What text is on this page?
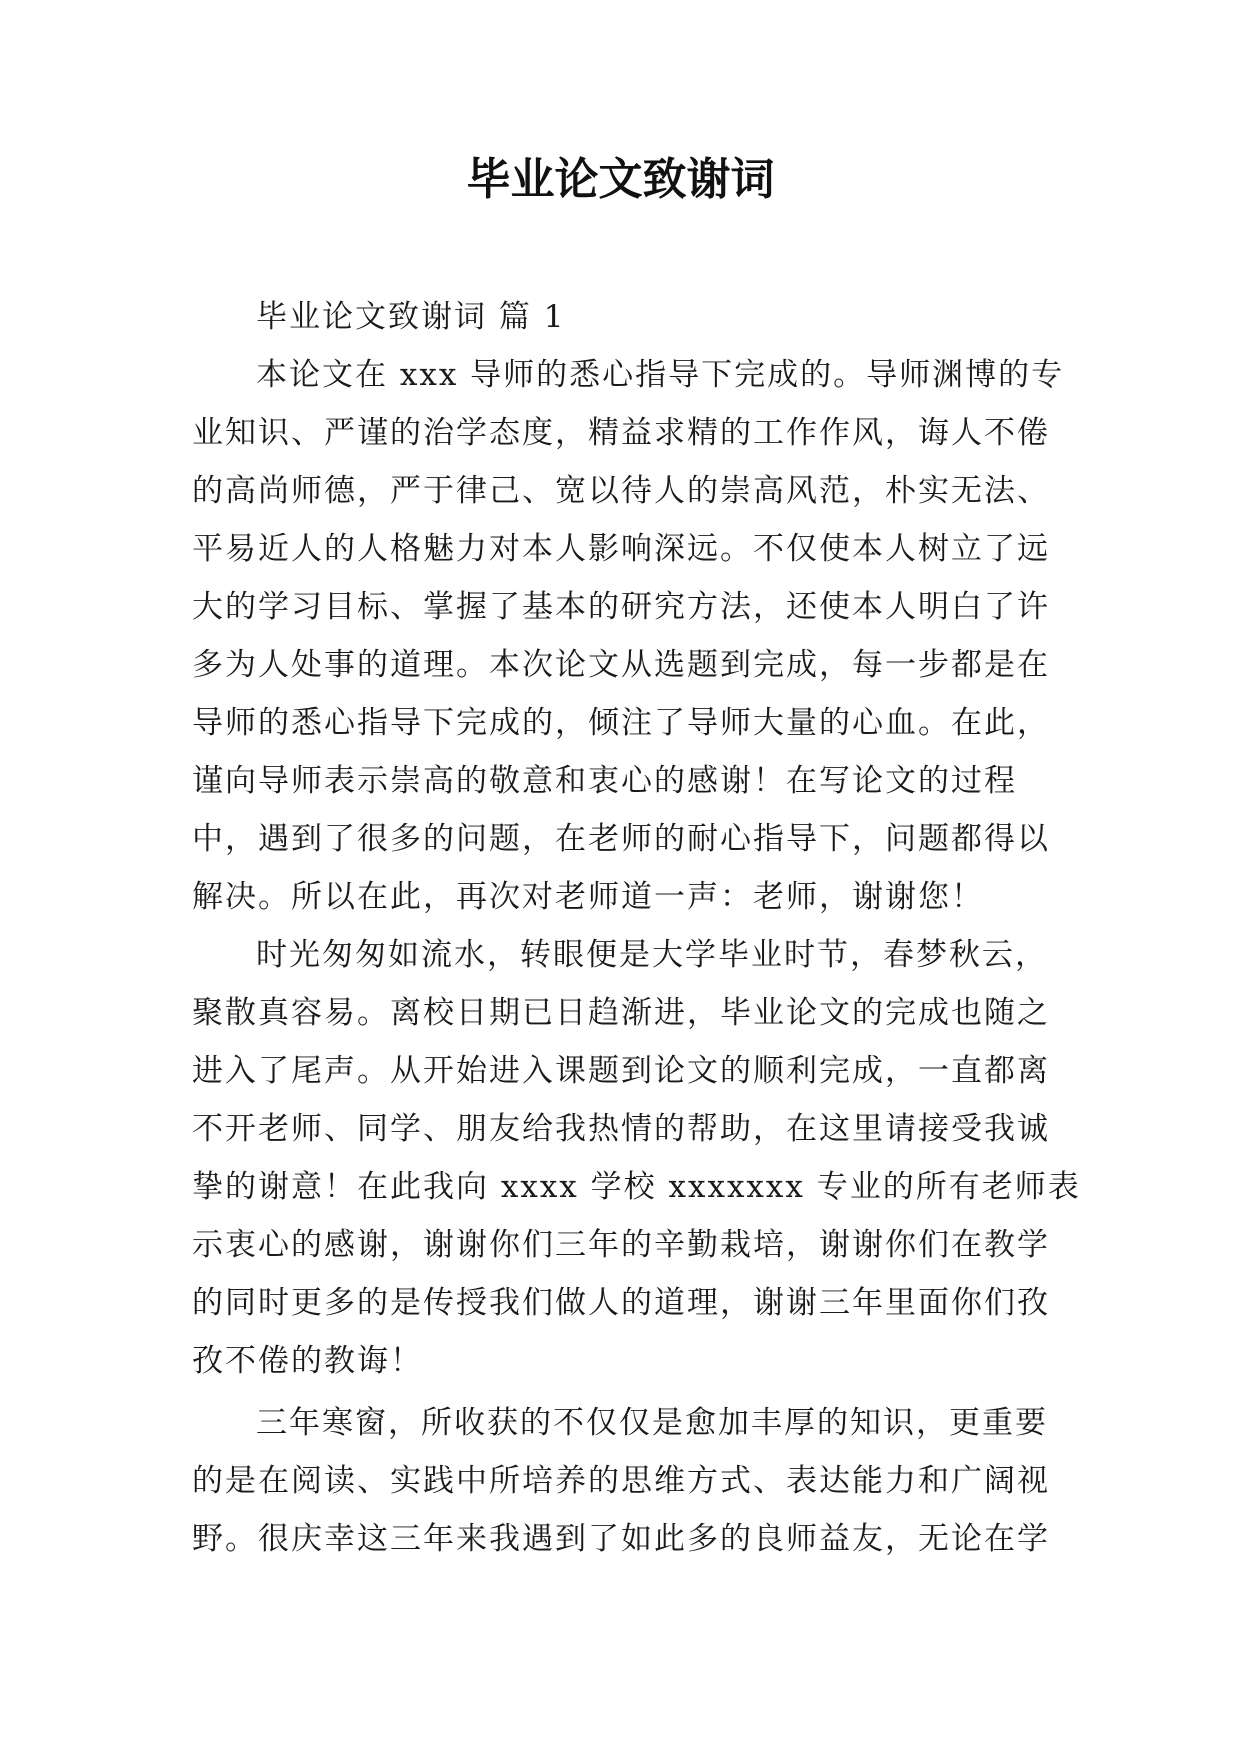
毕业论文致谢词
毕业论文致谢词 篇 1
本论文在 xxx 导师的悉心指导下完成的。导师渊博的专
业知识、严谨的治学态度，精益求精的工作作风，诲人不倦
的高尚师德，严于律己、宽以待人的崇高风范，朴实无法、
平易近人的人格魅力对本人影响深远。不仅使本人树立了远
大的学习目标、掌握了基本的研究方法，还使本人明白了许
多为人处事的道理。本次论文从选题到完成，每一步都是在
导师的悉心指导下完成的，倾注了导师大量的心血。在此，
谨向导师表示崇高的敬意和衷心的感谢！在写论文的过程
中，遇到了很多的问题，在老师的耐心指导下，问题都得以
解决。所以在此，再次对老师道一声：老师，谢谢您！
时光匆匆如流水，转眼便是大学毕业时节，春梦秋云，
聚散真容易。离校日期已日趋渐进，毕业论文的完成也随之
进入了尾声。从开始进入课题到论文的顺利完成，一直都离
不开老师、同学、朋友给我热情的帮助，在这里请接受我诚
挚的谢意！在此我向 xxxx 学校 xxxxxxx 专业的所有老师表
示衷心的感谢，谢谢你们三年的辛勤栽培，谢谢你们在教学
的同时更多的是传授我们做人的道理，谢谢三年里面你们孜
孜不倦的教诲！
三年寒窗，所收获的不仅仅是愈加丰厚的知识，更重要
的是在阅读、实践中所培养的思维方式、表达能力和广阔视
野。很庆幸这三年来我遇到了如此多的良师益友，无论在学
